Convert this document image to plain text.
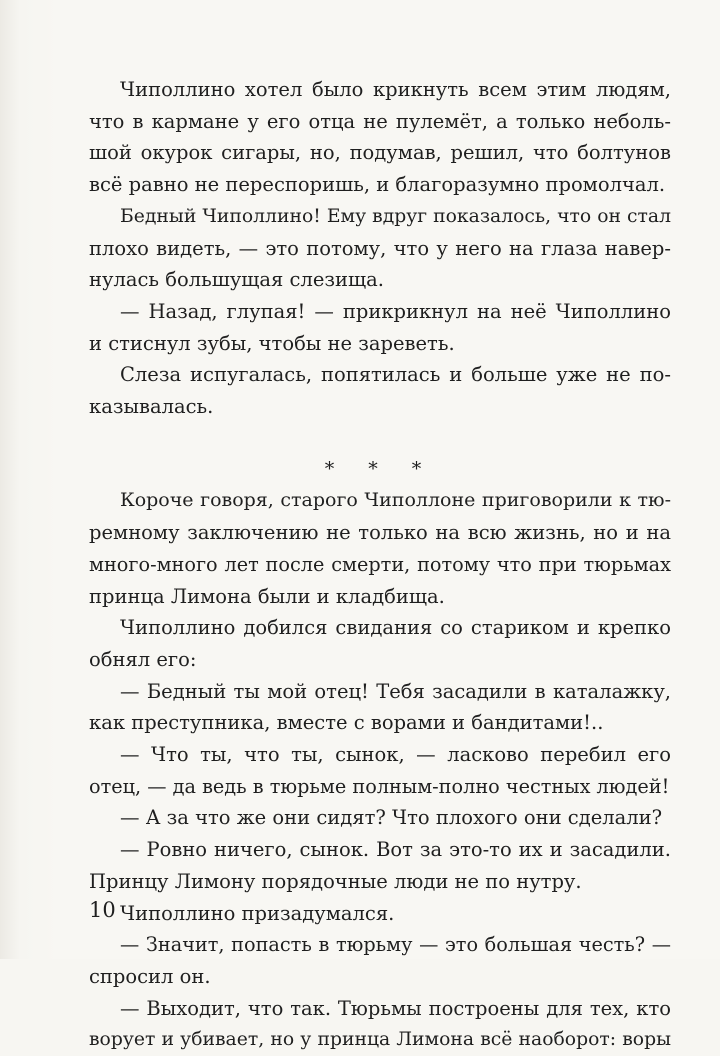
Чиполлино хотел было крикнуть всем этим людям,
что в кармане у его отца не пулемёт, а только неболь-
шой окурок сигары, но, подумав, решил, что болтунов
всё равно не переспоришь, и благоразумно промолчал.
Бедный Чиполлино! Ему вдруг показалось, что он стал
плохо видеть, — это потому, что у него на глаза навер-
нулась большущая слезища.
— Назад, глупая! — прикрикнул на неё Чиполлино
и стиснул зубы, чтобы не зареветь.
Слеза испугалась, попятилась и больше уже не по-
казывалась.
* * *
Короче говоря, старого Чиполлоне приговорили к тю-
ремному заключению не только на всю жизнь, но и на
много-много лет после смерти, потому что при тюрьмах
принца Лимона были и кладбища.
Чиполлино добился свидания со стариком и крепко
обнял его:
— Бедный ты мой отец! Тебя засадили в каталажку,
как преступника, вместе с ворами и бандитами!..
— Что ты, что ты, сынок, — ласково перебил его
отец, — да ведь в тюрьме полным-полно честных людей!
— А за что же они сидят? Что плохого они сделали?
— Ровно ничего, сынок. Вот за это-то их и засадили.
Принцу Лимону порядочные люди не по нутру.
Чиполлино призадумался.
— Значит, попасть в тюрьму — это большая честь? —
спросил он.
— Выходит, что так. Тюрьмы построены для тех, кто
ворует и убивает, но у принца Лимона всё наоборот: воры
10
